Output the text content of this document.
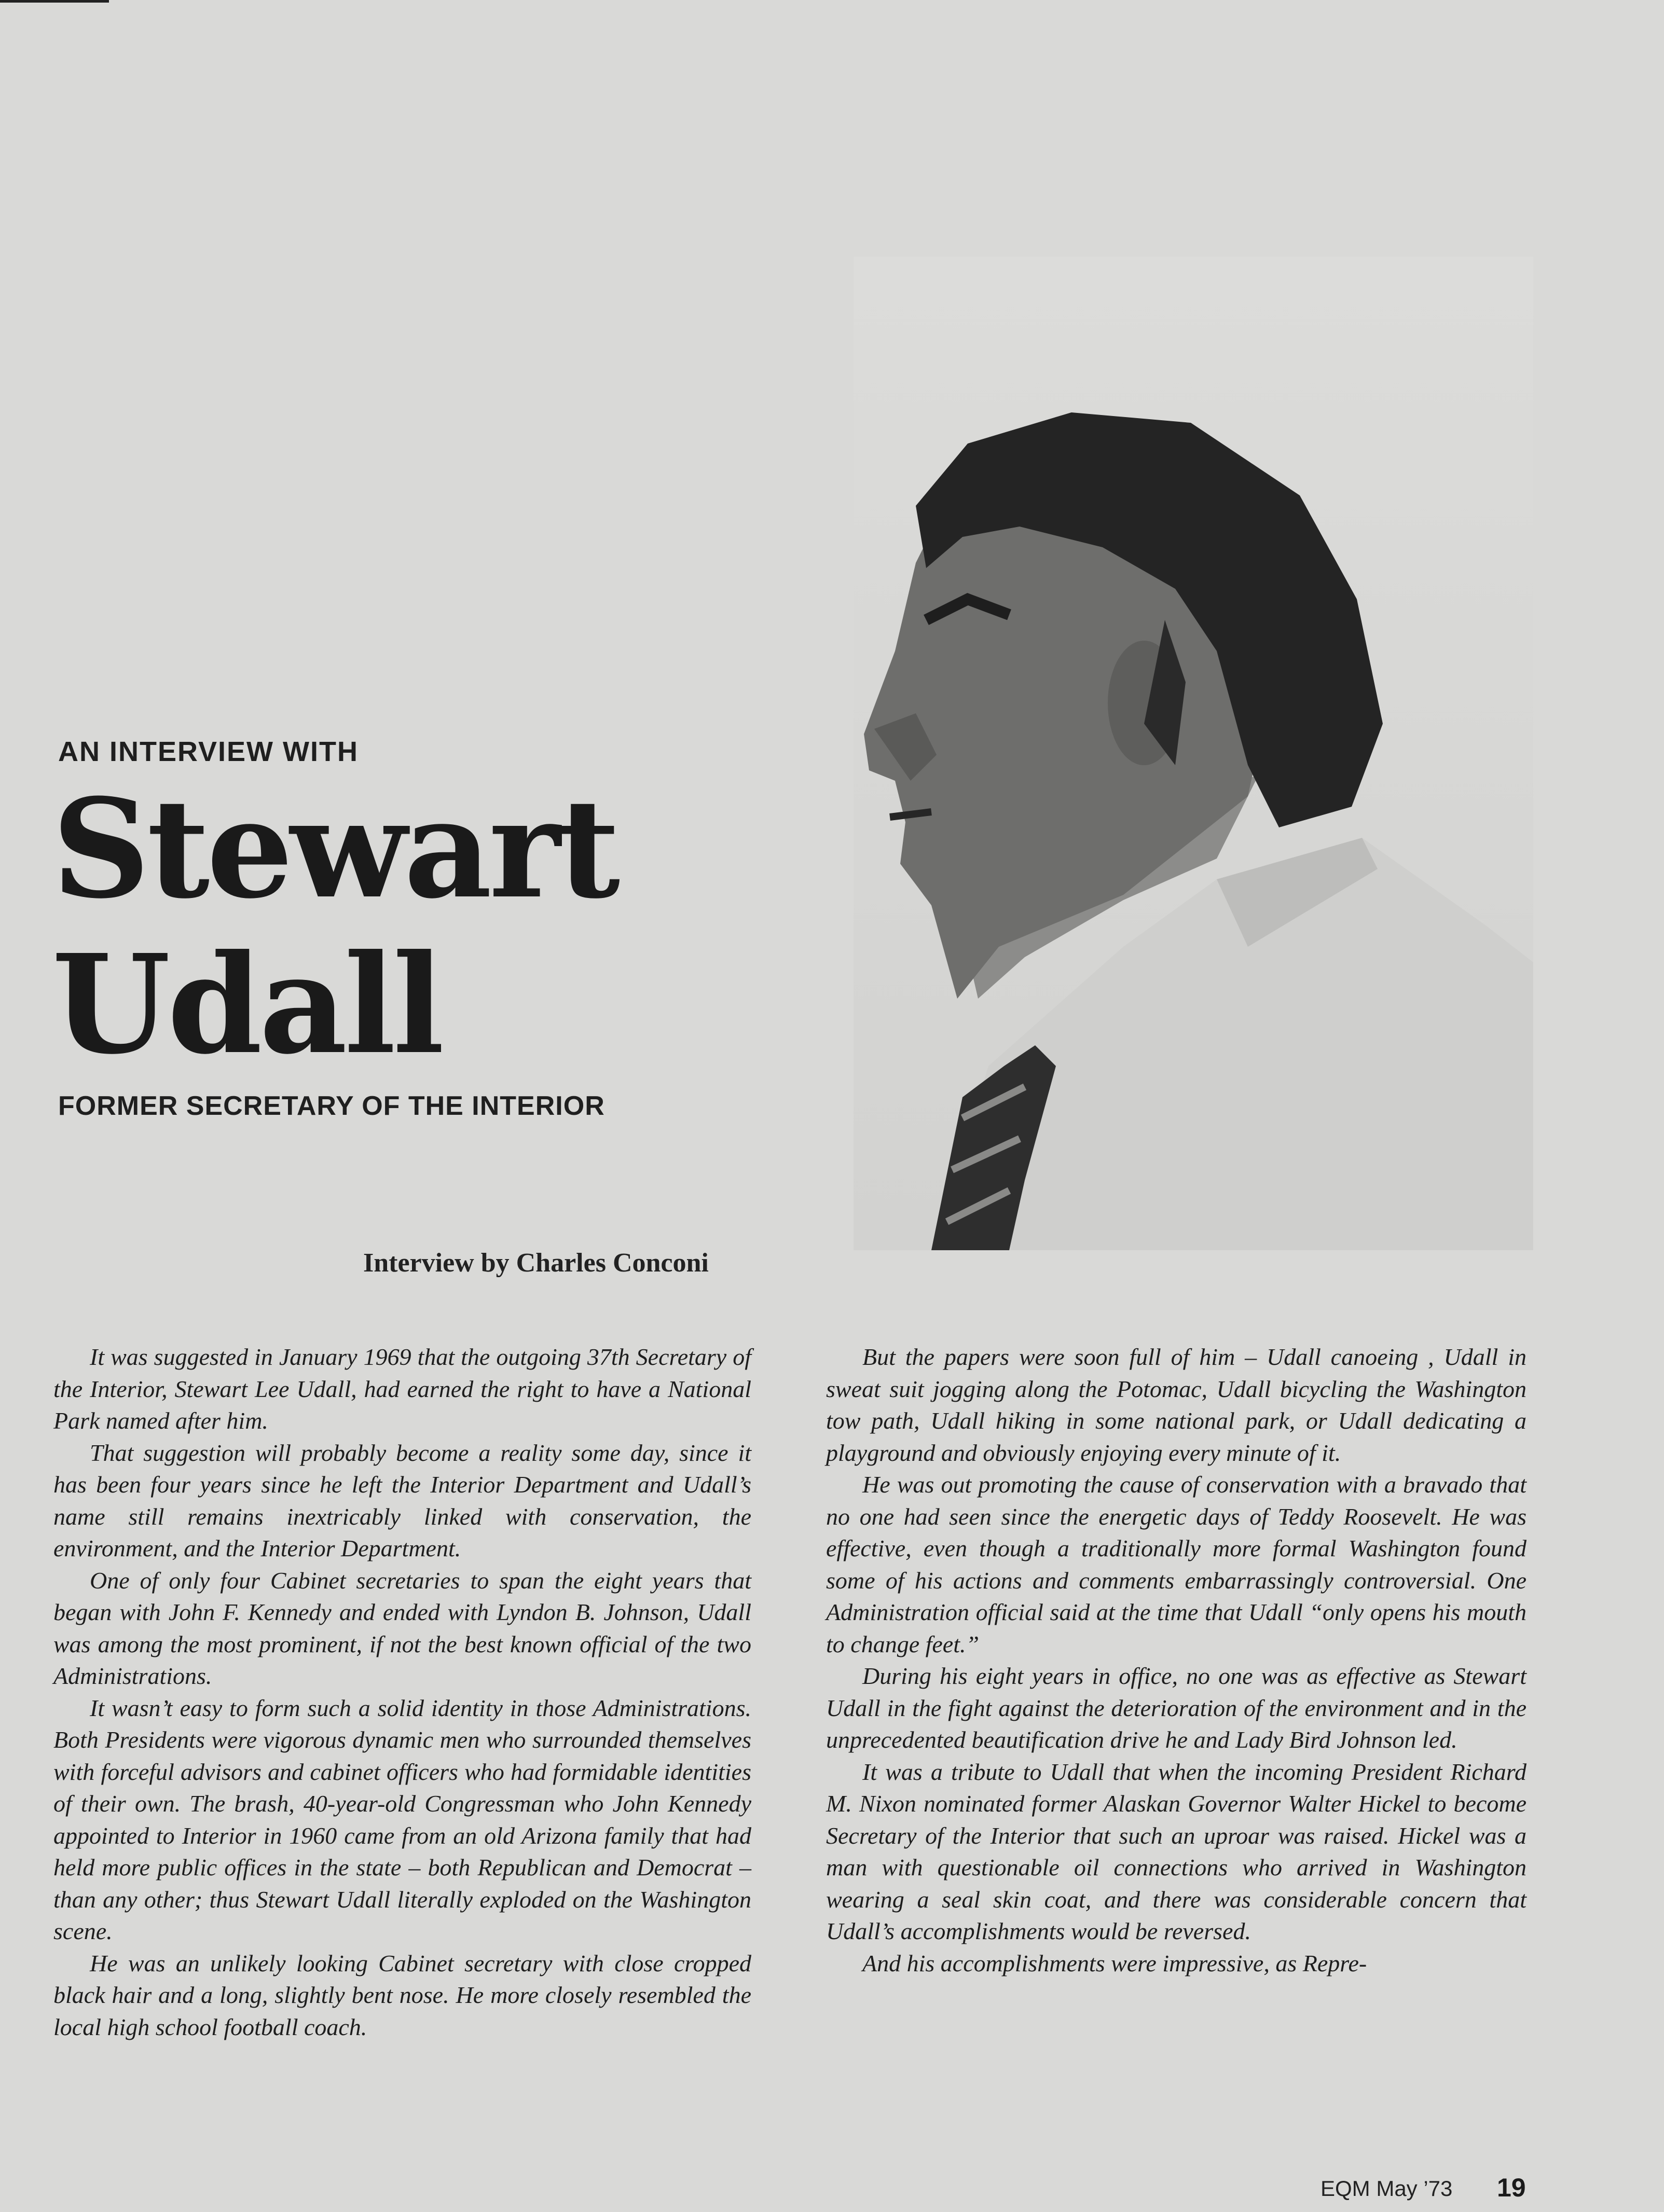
AN INTERVIEW WITH
Stewart
Udall
FORMER SECRETARY OF THE INTERIOR
Interview by Charles Conconi

It was suggested in January 1969 that the outgoing 37th Secretary of the Interior, Stewart Lee Udall, had earned the right to have a National Park named after him.

That suggestion will probably become a reality some day, since it has been four years since he left the Interior Department and Udall’s name still remains inextricably linked with conservation, the environment, and the Interior Department.

One of only four Cabinet secretaries to span the eight years that began with John F. Kennedy and ended with Lyndon B. Johnson, Udall was among the most prominent, if not the best known official of the two Administrations.

It wasn’t easy to form such a solid identity in those Administrations. Both Presidents were vigorous dynamic men who surrounded themselves with forceful advisors and cabinet officers who had formidable identities of their own. The brash, 40-year-old Congressman who John Kennedy appointed to Interior in 1960 came from an old Arizona family that had held more public offices in the state – both Republican and Democrat – than any other; thus Stewart Udall literally exploded on the Washington scene.

He was an unlikely looking Cabinet secretary with close cropped black hair and a long, slightly bent nose. He more closely resembled the local high school football coach.

But the papers were soon full of him – Udall canoeing , Udall in sweat suit jogging along the Potomac, Udall bicycling the Washington tow path, Udall hiking in some national park, or Udall dedicating a playground and obviously enjoying every minute of it.

He was out promoting the cause of conservation with a bravado that no one had seen since the energetic days of Teddy Roosevelt. He was effective, even though a traditionally more formal Washington found some of his actions and comments embarrassingly controversial. One Administration official said at the time that Udall “only opens his mouth to change feet.”

During his eight years in office, no one was as effective as Stewart Udall in the fight against the deterioration of the environment and in the unprecedented beautification drive he and Lady Bird Johnson led.

It was a tribute to Udall that when the incoming President Richard M. Nixon nominated former Alaskan Governor Walter Hickel to become Secretary of the Interior that such an uproar was raised. Hickel was a man with questionable oil connections who arrived in Washington wearing a seal skin coat, and there was considerable concern that Udall’s accomplishments would be reversed.

And his accomplishments were impressive, as Repre-

EQM May ’73 19
